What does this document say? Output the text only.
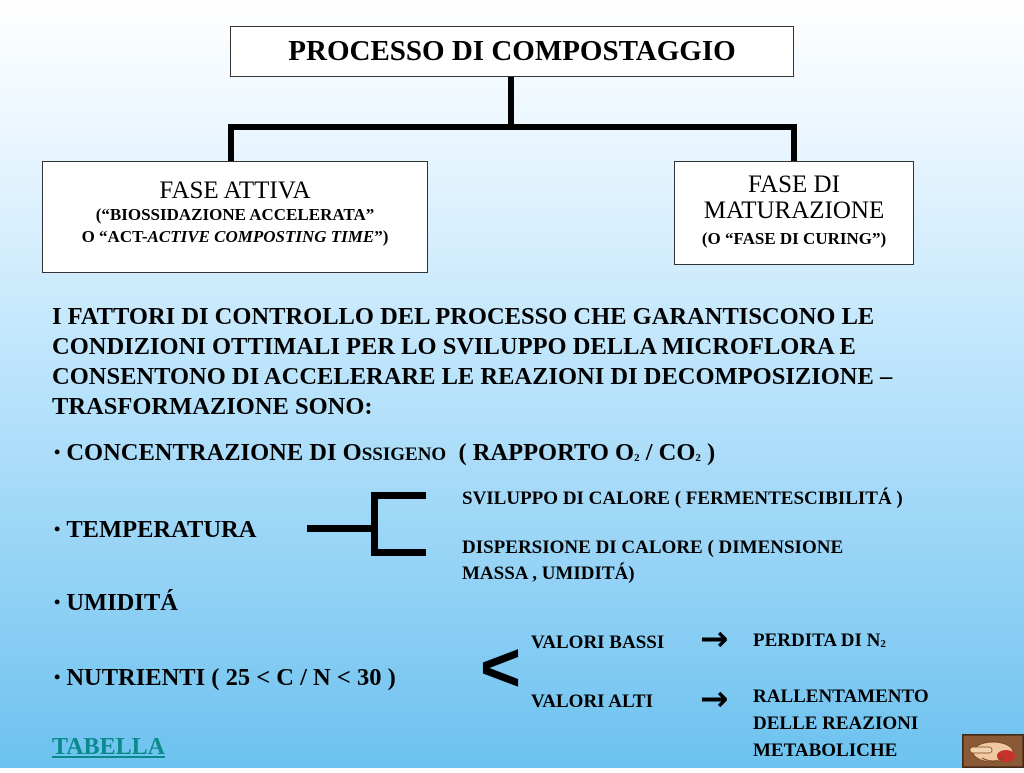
PROCESSO DI COMPOSTAGGIO
FASE ATTIVA
(“BIOSSIDAZIONE ACCELERATA”
O “ACT-ACTIVE COMPOSTING TIME”)
FASE DI
MATURAZIONE
(O “FASE DI CURING”)
I FATTORI DI CONTROLLO DEL PROCESSO CHE GARANTISCONO LE CONDIZIONI OTTIMALI PER LO SVILUPPO DELLA MICROFLORA E CONSENTONO DI ACCELERARE LE REAZIONI DI DECOMPOSIZIONE – TRASFORMAZIONE SONO:
• CONCENTRAZIONE DI OSSIGENO ( RAPPORTO $O_2 / CO_2$ )
• TEMPERATURA
SVILUPPO DI CALORE ( FERMENTESCIBILITÁ )
DISPERSIONE DI CALORE ( DIMENSIONE
MASSA , UMIDITÁ)
• UMIDITÁ
• NUTRIENTI ( 25 < C / N < 30 ) < VALORI BASSI → PERDITA DI $N_2$
VALORI ALTI → RALLENTAMENTO
DELLE REAZIONI
METABOLICHE
TABELLA
